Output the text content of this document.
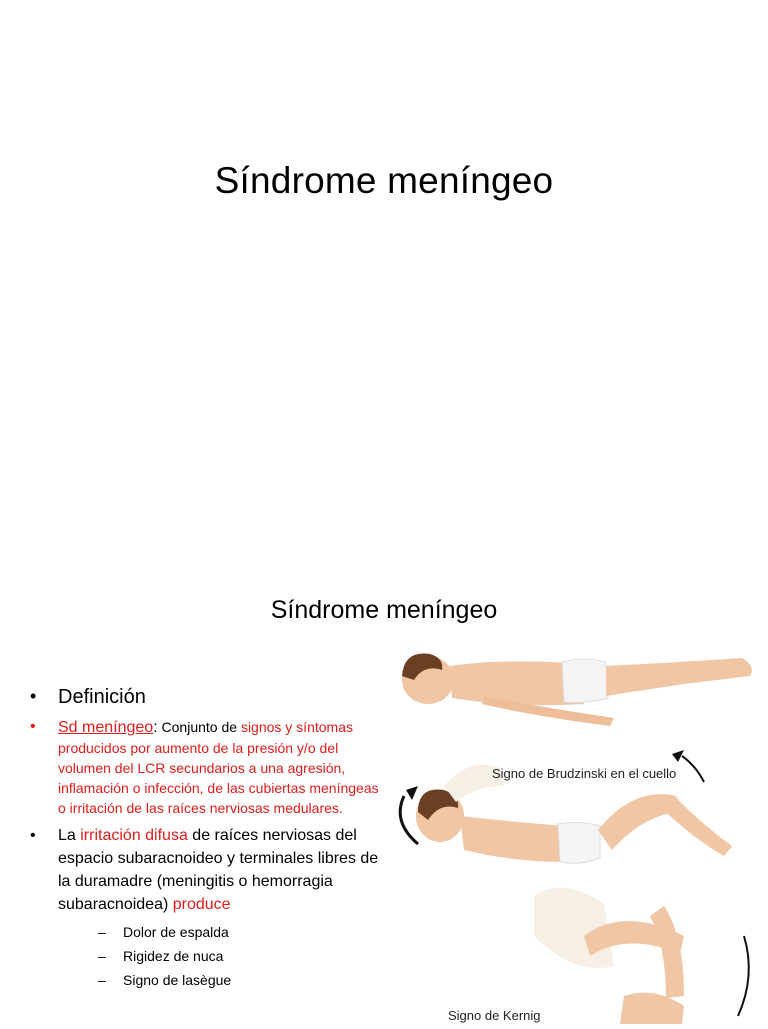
Síndrome meníngeo
Síndrome meníngeo
• Definición
• Sd meníngeo: Conjunto de signos y síntomas producidos por aumento de la presión y/o del volumen del LCR secundarios a una agresión, inflamación o infección, de las cubiertas meníngeas o irritación de las raíces nerviosas medulares.
• La irritación difusa de raíces nerviosas del espacio subaracnoideo y terminales libres de la duramadre (meningitis o hemorragia subaracnoidea) produce
– Dolor de espalda
– Rigidez de nuca
– Signo de lasègue
Signo de Brudzinski en el cuello
Signo de Kernig
